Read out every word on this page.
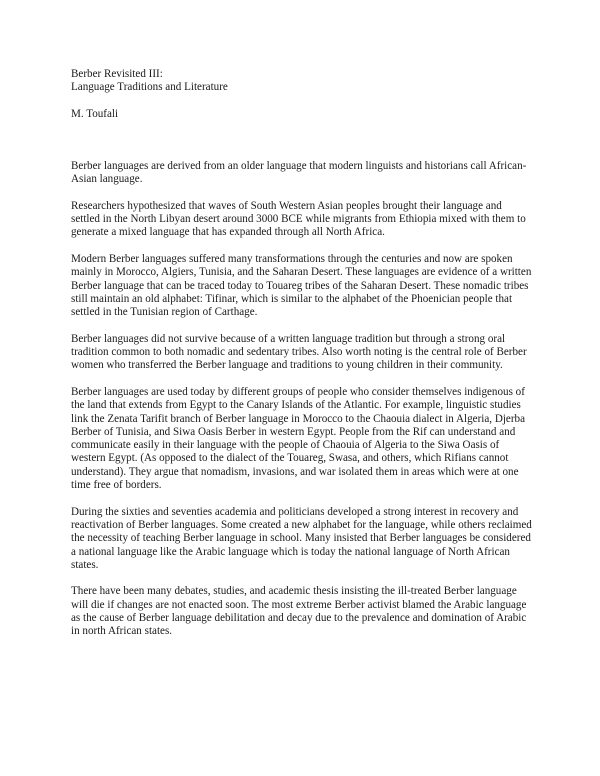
Berber Revisited III:

Language Traditions and Literature

M. Toufali

Berber languages are derived from an older language that modern linguists and historians call African-Asian language.

Researchers hypothesized that waves of South Western Asian peoples brought their language and settled in the North Libyan desert around 3000 BCE while migrants from Ethiopia mixed with them to generate a mixed language that has expanded through all North Africa.

Modern Berber languages suffered many transformations through the centuries and now are spoken mainly in Morocco, Algiers, Tunisia, and the Saharan Desert. These languages are evidence of a written Berber language that can be traced today to Touareg tribes of the Saharan Desert. These nomadic tribes still maintain an old alphabet: Tifinar, which is similar to the alphabet of the Phoenician people that settled in the Tunisian region of Carthage.

Berber languages did not survive because of a written language tradition but through a strong oral tradition common to both nomadic and sedentary tribes. Also worth noting is the central role of Berber women who transferred the Berber language and traditions to young children in their community.

Berber languages are used today by different groups of people who consider themselves indigenous of the land that extends from Egypt to the Canary Islands of the Atlantic. For example, linguistic studies link the Zenata Tarifit branch of Berber language in Morocco to the Chaouia dialect in Algeria, Djerba Berber of Tunisia, and Siwa Oasis Berber in western Egypt. People from the Rif can understand and communicate easily in their language with the people of Chaouia of Algeria to the Siwa Oasis of western Egypt. (As opposed to the dialect of the Touareg, Swasa, and others, which Rifians cannot understand). They argue that nomadism, invasions, and war isolated them in areas which were at one time free of borders.

During the sixties and seventies academia and politicians developed a strong interest in recovery and reactivation of Berber languages. Some created a new alphabet for the language, while others reclaimed the necessity of teaching Berber language in school. Many insisted that Berber languages be considered a national language like the Arabic language which is today the national language of North African states.

There have been many debates, studies, and academic thesis insisting the ill-treated Berber language will die if changes are not enacted soon. The most extreme Berber activist blamed the Arabic language as the cause of Berber language debilitation and decay due to the prevalence and domination of Arabic in north African states.
